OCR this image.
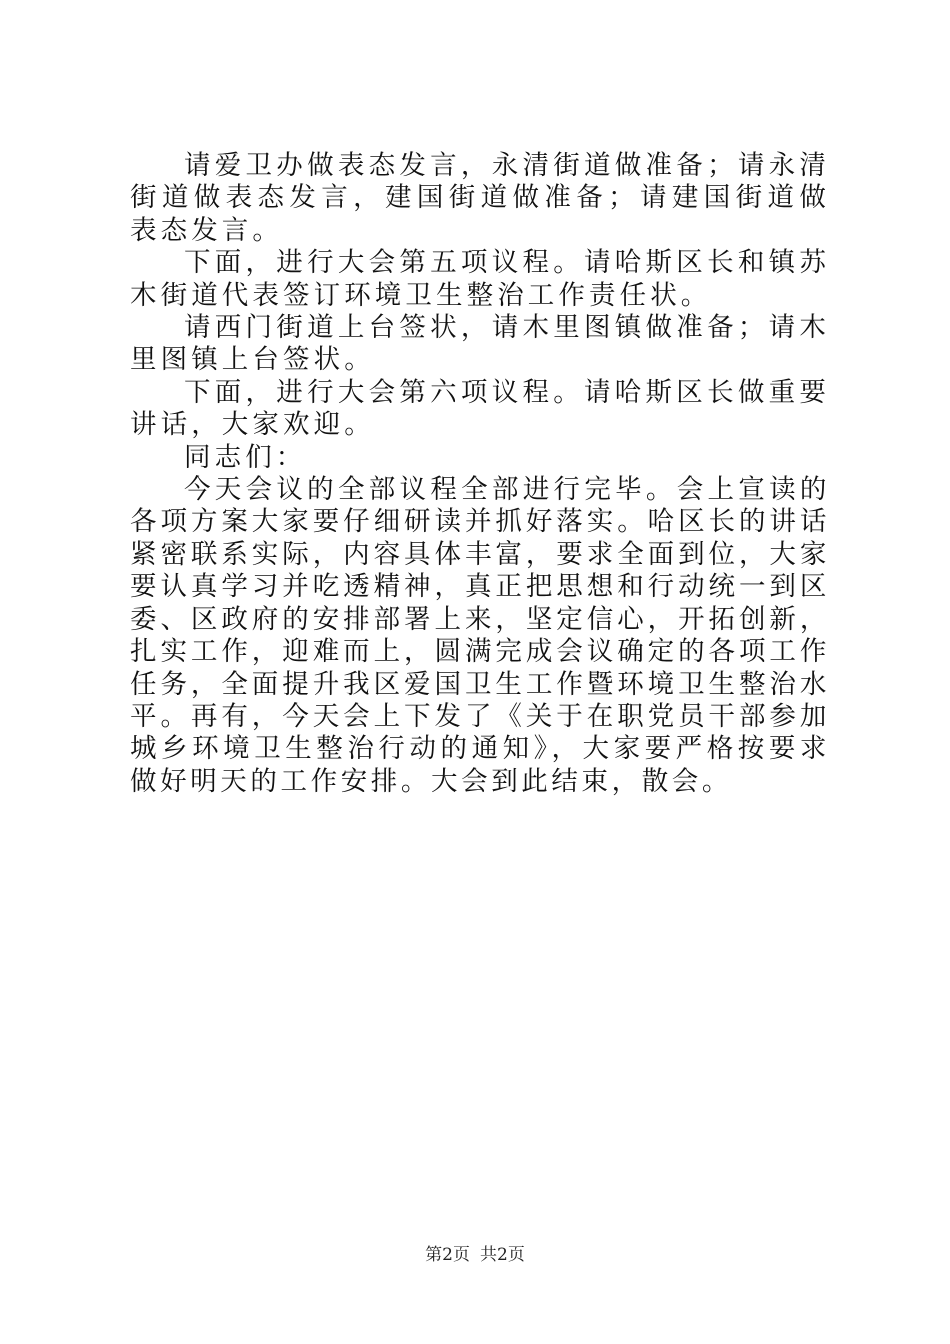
请爱卫办做表态发言，永清街道做准备；请永清街道做表态发言，建国街道做准备；请建国街道做表态发言。

下面，进行大会第五项议程。请哈斯区长和镇苏木街道代表签订环境卫生整治工作责任状。

请西门街道上台签状，请木里图镇做准备；请木里图镇上台签状。

下面，进行大会第六项议程。请哈斯区长做重要讲话，大家欢迎。

同志们：

今天会议的全部议程全部进行完毕。会上宣读的各项方案大家要仔细研读并抓好落实。哈区长的讲话紧密联系实际，内容具体丰富，要求全面到位，大家要认真学习并吃透精神，真正把思想和行动统一到区委、区政府的安排部署上来，坚定信心，开拓创新，扎实工作，迎难而上，圆满完成会议确定的各项工作任务，全面提升我区爱国卫生工作暨环境卫生整治水平。再有，今天会上下发了《关于在职党员干部参加城乡环境卫生整治行动的通知》，大家要严格按要求做好明天的工作安排。大会到此结束，散会。

第2页 共2页
